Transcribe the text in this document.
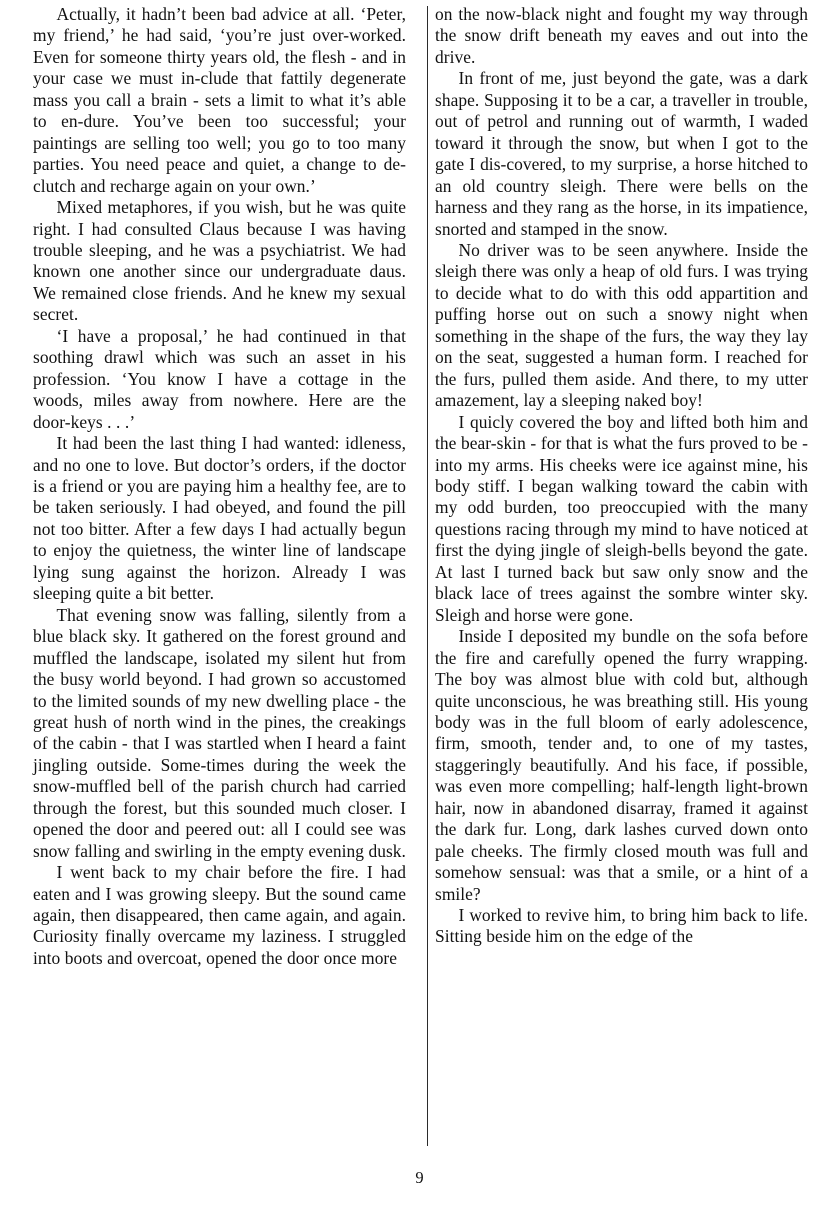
Actually, it hadn’t been bad advice at all. ‘Peter, my friend,’ he had said, ‘you’re just over-worked. Even for someone thirty years old, the flesh - and in your case we must in-clude that fattily degenerate mass you call a brain - sets a limit to what it’s able to en-dure. You’ve been too successful; your paintings are selling too well; you go to too many parties. You need peace and quiet, a change to de-clutch and recharge again on your own.’

Mixed metaphores, if you wish, but he was quite right. I had consulted Claus because I was having trouble sleeping, and he was a psychiatrist. We had known one another since our undergraduate daus. We remained close friends. And he knew my sexual secret.

‘I have a proposal,’ he had continued in that soothing drawl which was such an asset in his profession. ‘You know I have a cottage in the woods, miles away from nowhere. Here are the door-keys . . .’

It had been the last thing I had wanted: idleness, and no one to love. But doctor’s orders, if the doctor is a friend or you are paying him a healthy fee, are to be taken seriously. I had obeyed, and found the pill not too bitter. After a few days I had actually begun to enjoy the quietness, the winter line of landscape lying sung against the horizon. Already I was sleeping quite a bit better.

That evening snow was falling, silently from a blue black sky. It gathered on the forest ground and muffled the landscape, isolated my silent hut from the busy world beyond. I had grown so accustomed to the limited sounds of my new dwelling place - the great hush of north wind in the pines, the creakings of the cabin - that I was startled when I heard a faint jingling outside. Some-times during the week the snow-muffled bell of the parish church had carried through the forest, but this sounded much closer. I opened the door and peered out: all I could see was snow falling and swirling in the empty evening dusk.

I went back to my chair before the fire. I had eaten and I was growing sleepy. But the sound came again, then disappeared, then came again, and again. Curiosity finally overcame my laziness. I struggled into boots and overcoat, opened the door once more

on the now-black night and fought my way through the snow drift beneath my eaves and out into the drive.

In front of me, just beyond the gate, was a dark shape. Supposing it to be a car, a traveller in trouble, out of petrol and running out of warmth, I waded toward it through the snow, but when I got to the gate I dis-covered, to my surprise, a horse hitched to an old country sleigh. There were bells on the harness and they rang as the horse, in its impatience, snorted and stamped in the snow.

No driver was to be seen anywhere. Inside the sleigh there was only a heap of old furs. I was trying to decide what to do with this odd appartition and puffing horse out on such a snowy night when something in the shape of the furs, the way they lay on the seat, suggested a human form. I reached for the furs, pulled them aside. And there, to my utter amazement, lay a sleeping naked boy!

I quicly covered the boy and lifted both him and the bear-skin - for that is what the furs proved to be - into my arms. His cheeks were ice against mine, his body stiff. I began walking toward the cabin with my odd burden, too preoccupied with the many questions racing through my mind to have noticed at first the dying jingle of sleigh-bells beyond the gate. At last I turned back but saw only snow and the black lace of trees against the sombre winter sky. Sleigh and horse were gone.

Inside I deposited my bundle on the sofa before the fire and carefully opened the furry wrapping. The boy was almost blue with cold but, although quite unconscious, he was breathing still. His young body was in the full bloom of early adolescence, firm, smooth, tender and, to one of my tastes, staggeringly beautifully. And his face, if possible, was even more compelling; half-length light-brown hair, now in abandoned disarray, framed it against the dark fur. Long, dark lashes curved down onto pale cheeks. The firmly closed mouth was full and somehow sensual: was that a smile, or a hint of a smile?

I worked to revive him, to bring him back to life. Sitting beside him on the edge of the

9
